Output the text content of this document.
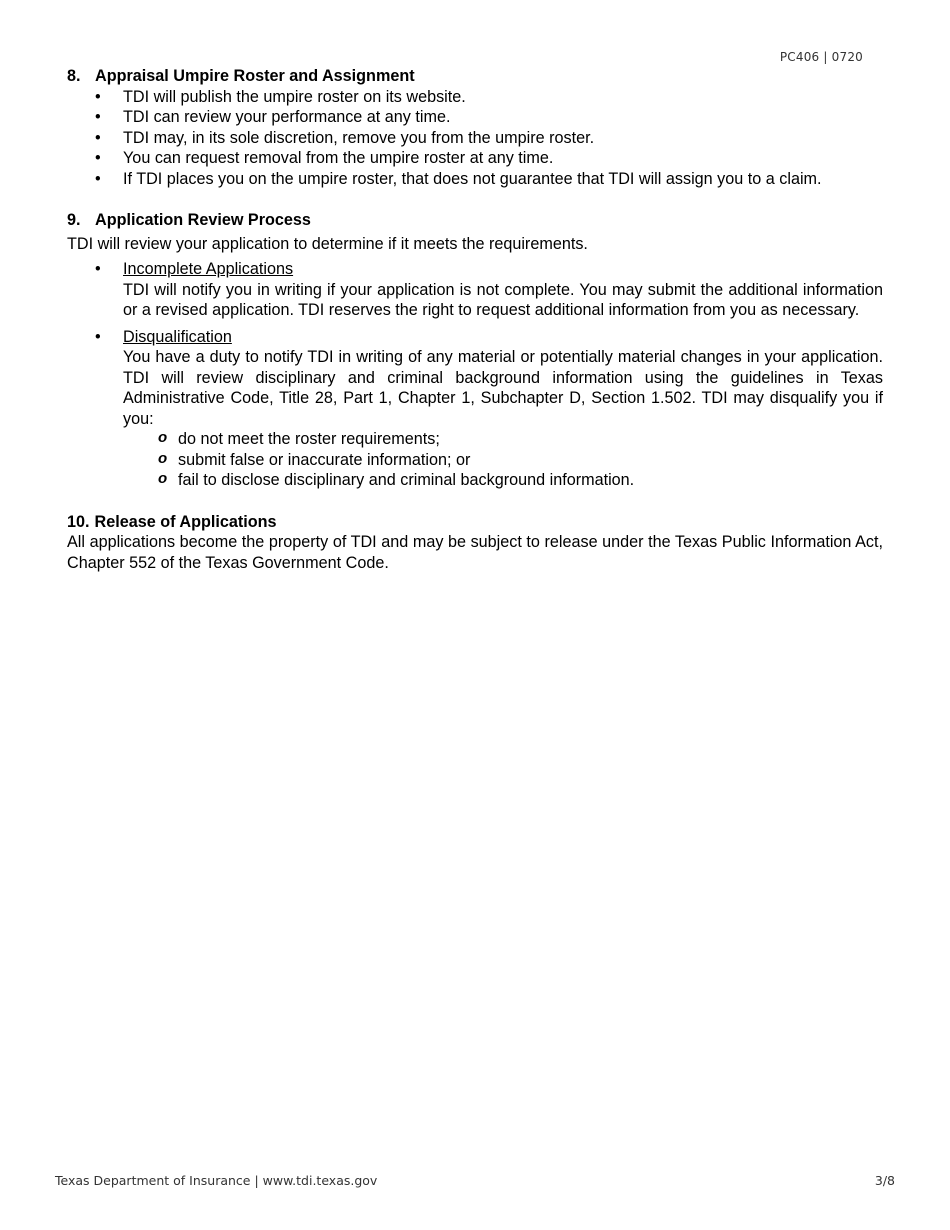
PC406 | 0720
8. Appraisal Umpire Roster and Assignment
• TDI will publish the umpire roster on its website.
• TDI can review your performance at any time.
• TDI may, in its sole discretion, remove you from the umpire roster.
• You can request removal from the umpire roster at any time.
• If TDI places you on the umpire roster, that does not guarantee that TDI will assign you to a claim.
9. Application Review Process
TDI will review your application to determine if it meets the requirements.
• Incomplete Applications
TDI will notify you in writing if your application is not complete. You may submit the additional information or a revised application. TDI reserves the right to request additional information from you as necessary.
• Disqualification
You have a duty to notify TDI in writing of any material or potentially material changes in your application. TDI will review disciplinary and criminal background information using the guidelines in Texas Administrative Code, Title 28, Part 1, Chapter 1, Subchapter D, Section 1.502. TDI may disqualify you if you:
o do not meet the roster requirements;
o submit false or inaccurate information; or
o fail to disclose disciplinary and criminal background information.
10. Release of Applications
All applications become the property of TDI and may be subject to release under the Texas Public Information Act, Chapter 552 of the Texas Government Code.
Texas Department of Insurance | www.tdi.texas.gov	3/8
